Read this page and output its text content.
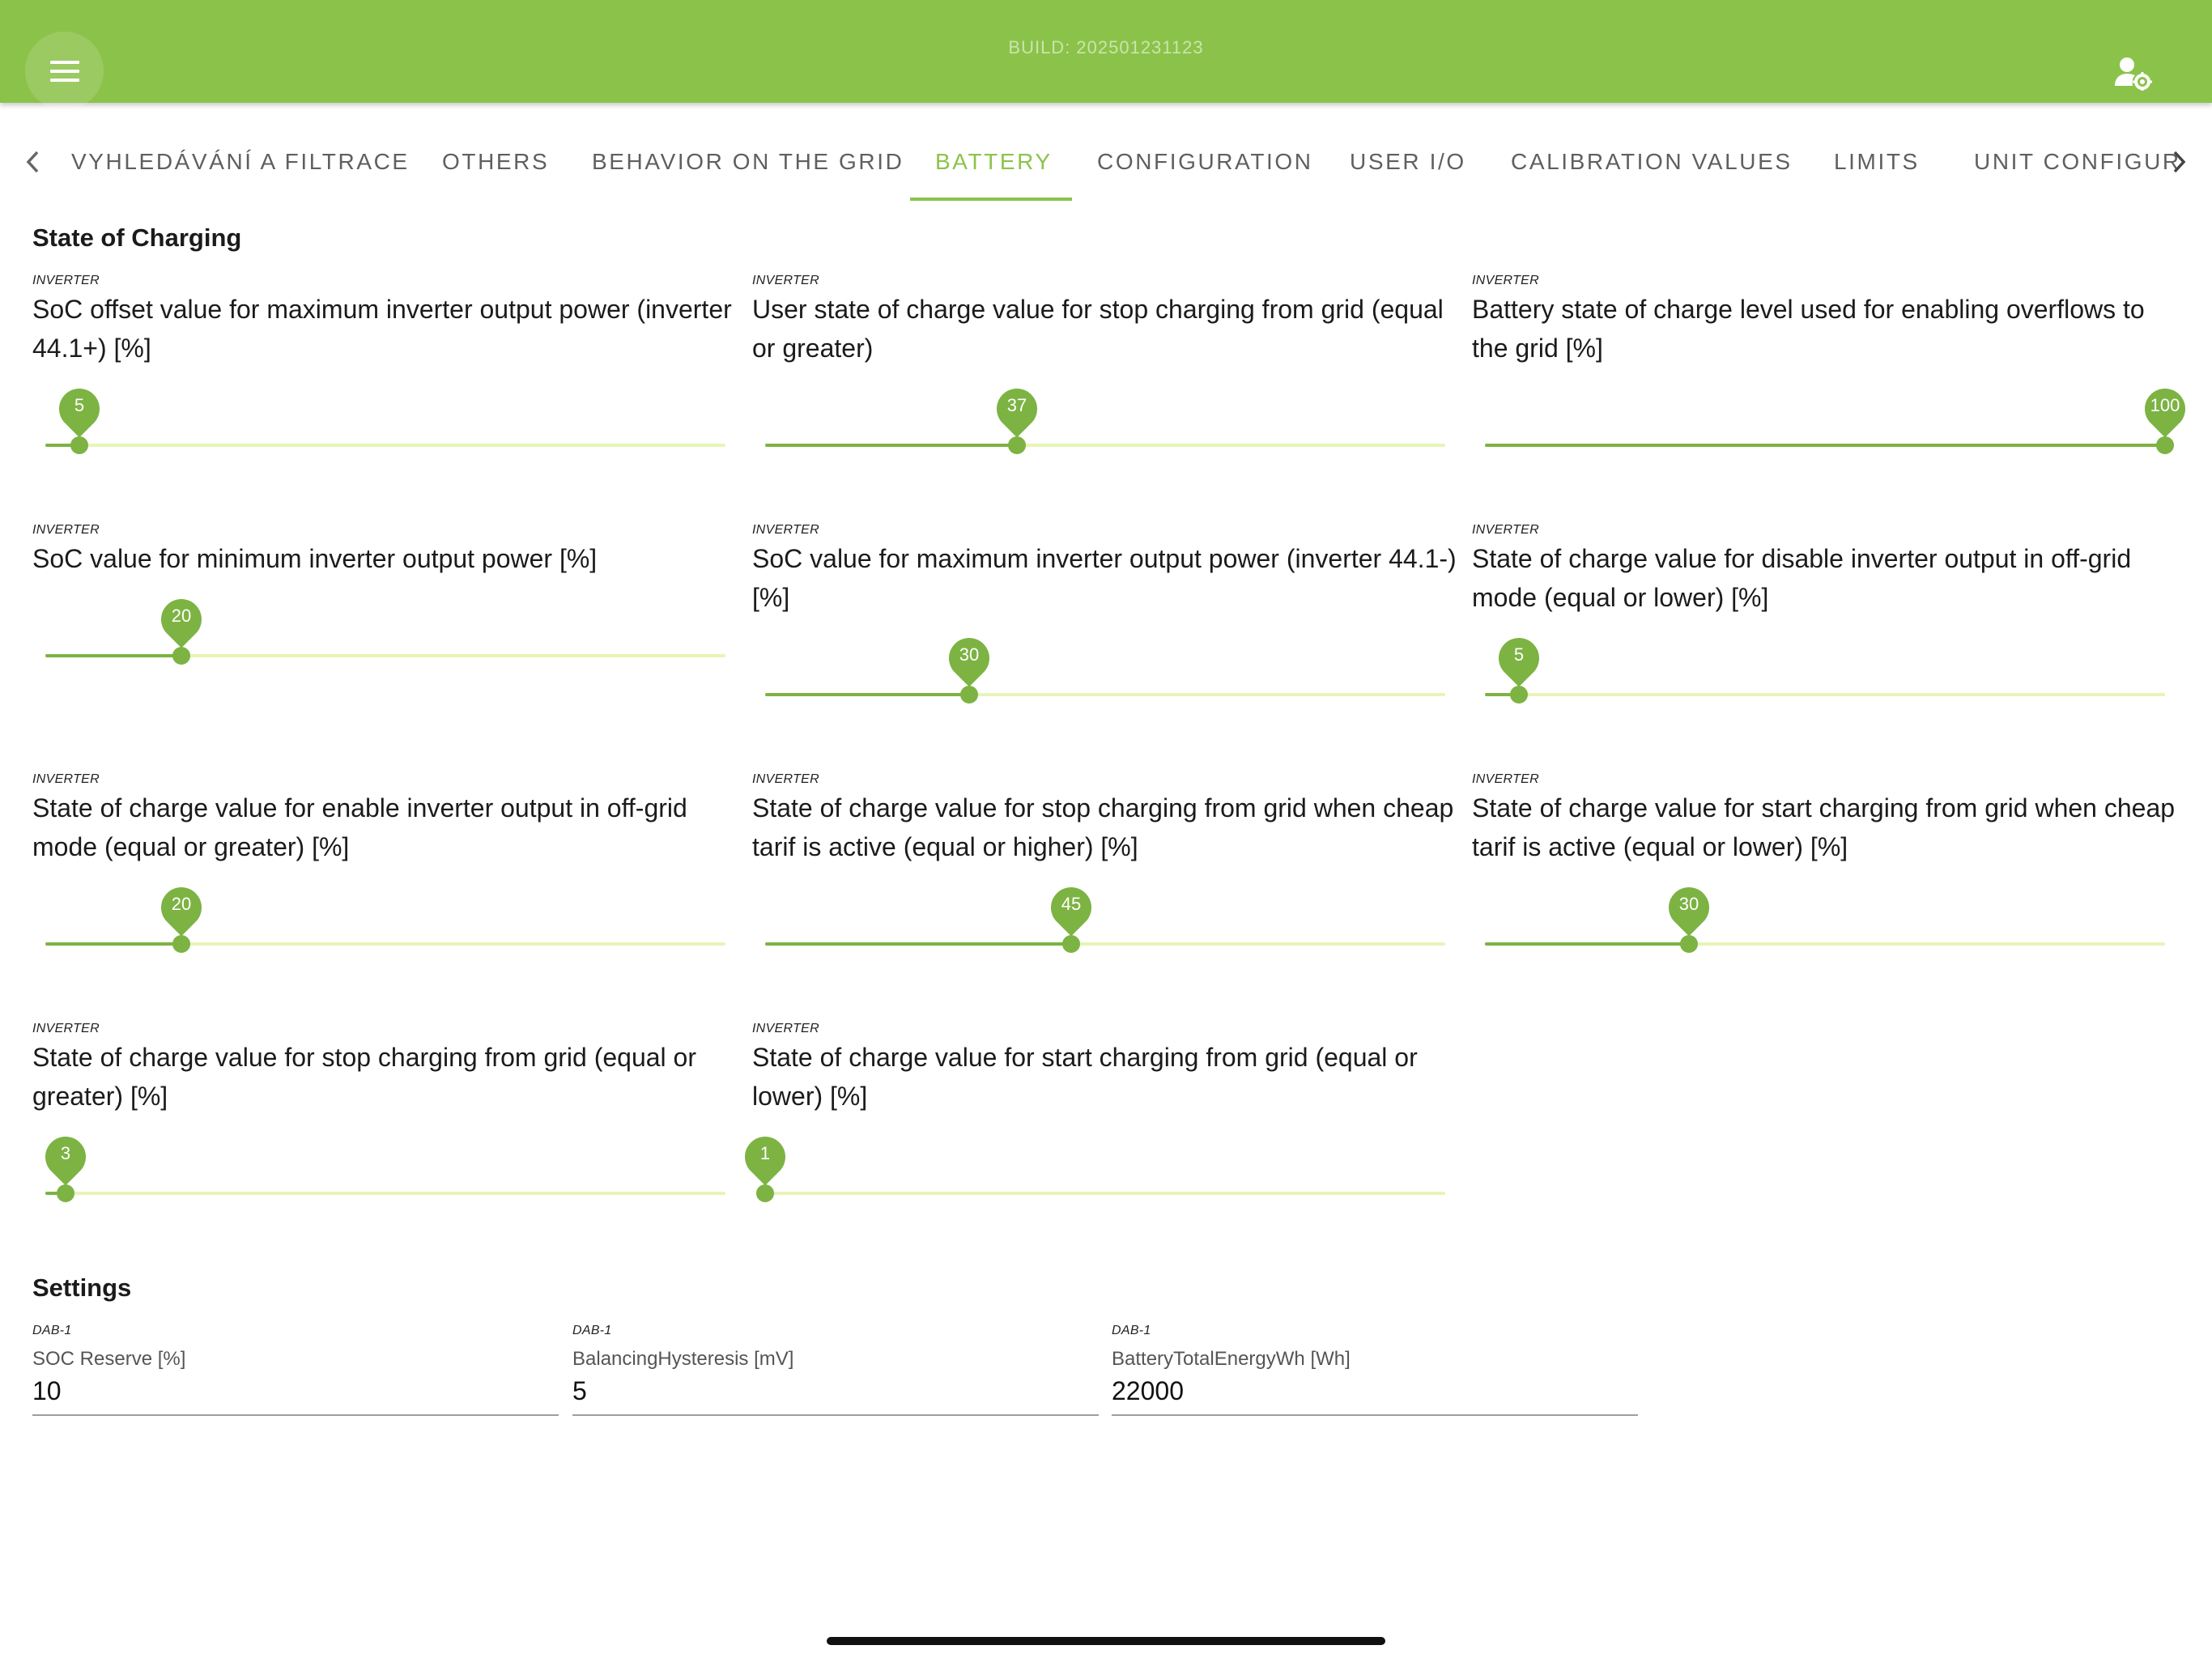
BUILD: 202501231123
VYHLEDÁVÁNÍ A FILTRACE OTHERS BEHAVIOR ON THE GRID BATTERY CONFIGURATION USER I/O CALIBRATION VALUES LIMITS UNIT CONFIGUR
State of Charging
INVERTER
SoC offset value for maximum inverter output power (inverter 44.1+) [%]
5
INVERTER
User state of charge value for stop charging from grid (equal or greater)
37
INVERTER
Battery state of charge level used for enabling overflows to the grid [%]
100
INVERTER
SoC value for minimum inverter output power [%]
20
INVERTER
SoC value for maximum inverter output power (inverter 44.1-) [%]
30
INVERTER
State of charge value for disable inverter output in off-grid mode (equal or lower) [%]
5
INVERTER
State of charge value for enable inverter output in off-grid mode (equal or greater) [%]
20
INVERTER
State of charge value for stop charging from grid when cheap tarif is active (equal or higher) [%]
45
INVERTER
State of charge value for start charging from grid when cheap tarif is active (equal or lower) [%]
30
INVERTER
State of charge value for stop charging from grid (equal or greater) [%]
3
INVERTER
State of charge value for start charging from grid (equal or lower) [%]
1
Settings
DAB-1
SOC Reserve [%]
10
DAB-1
BalancingHysteresis [mV]
5
DAB-1
BatteryTotalEnergyWh [Wh]
22000
